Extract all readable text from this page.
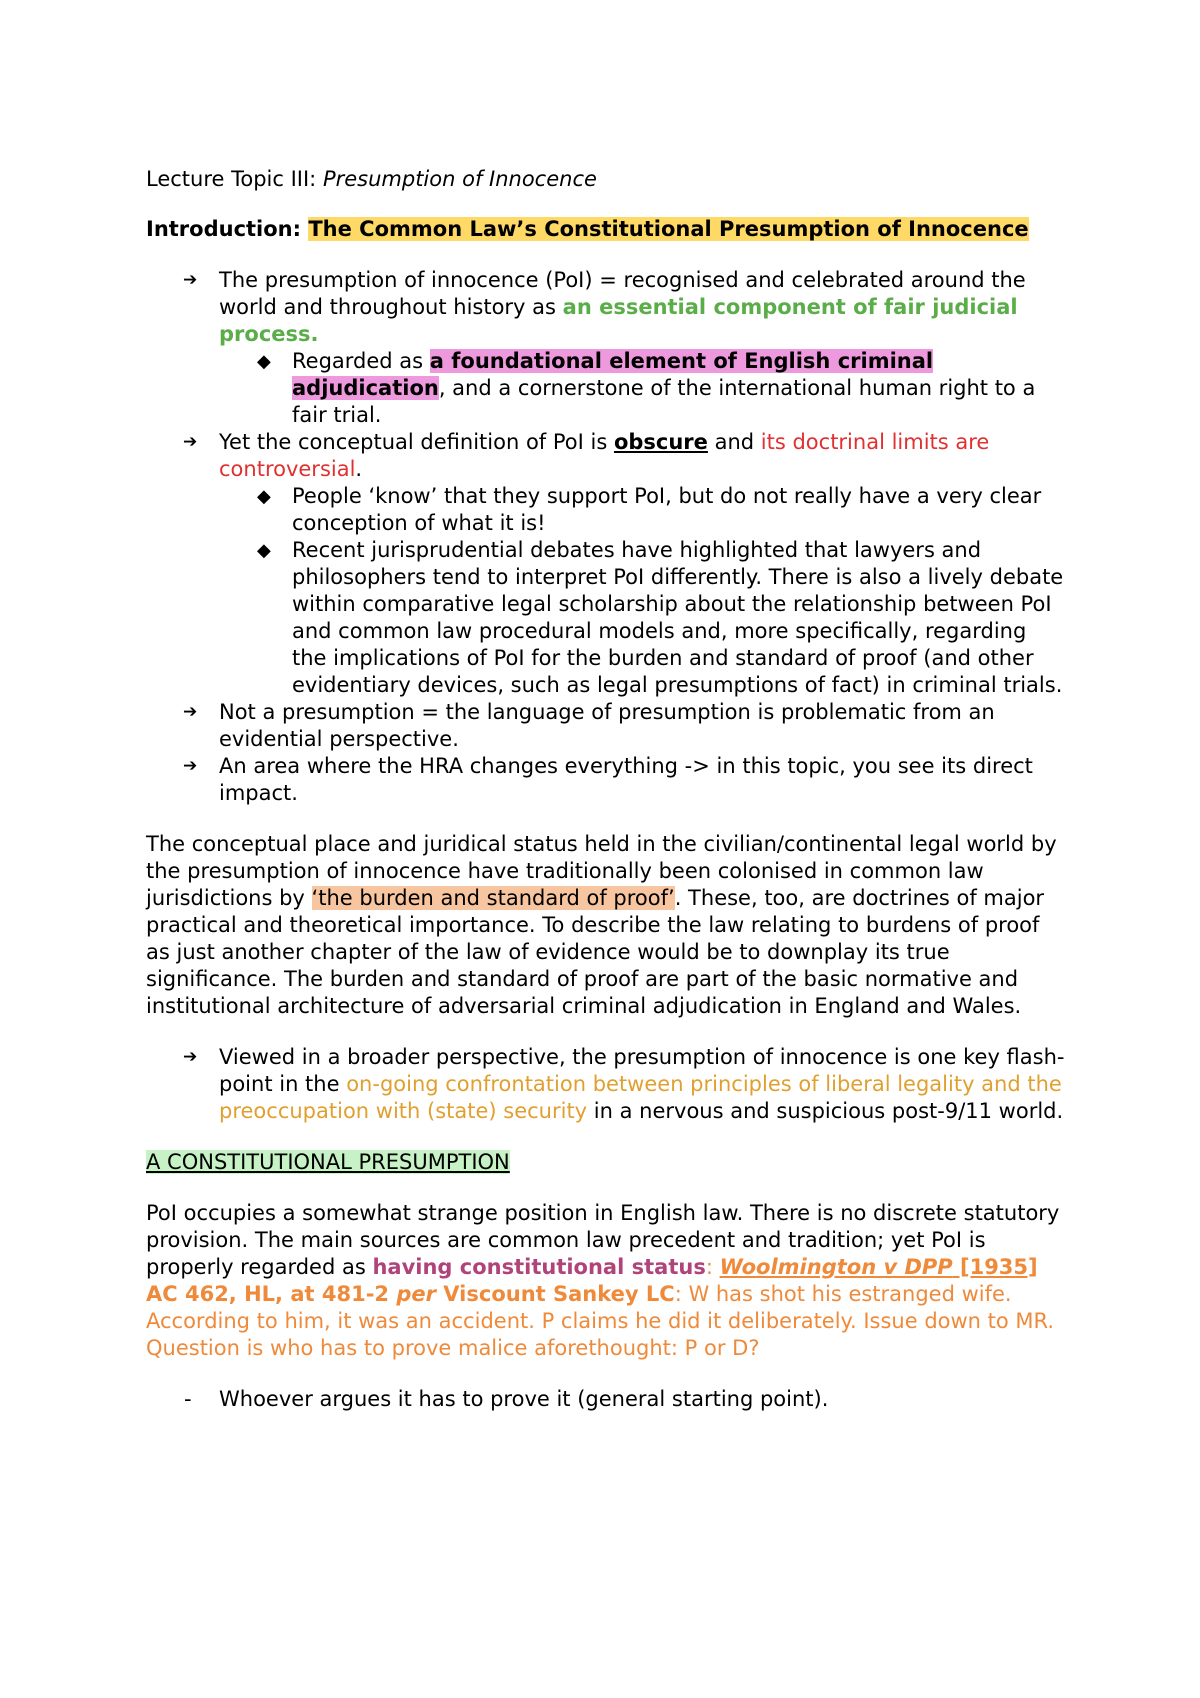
Lecture Topic III: Presumption of Innocence

Introduction: The Common Law’s Constitutional Presumption of Innocence

➔ The presumption of innocence (PoI) = recognised and celebrated around the world and throughout history as an essential component of fair judicial process.
◆ Regarded as a foundational element of English criminal adjudication, and a cornerstone of the international human right to a fair trial.
➔ Yet the conceptual definition of PoI is obscure and its doctrinal limits are controversial.
◆ People ‘know’ that they support PoI, but do not really have a very clear conception of what it is!
◆ Recent jurisprudential debates have highlighted that lawyers and philosophers tend to interpret PoI differently. There is also a lively debate within comparative legal scholarship about the relationship between PoI and common law procedural models and, more specifically, regarding the implications of PoI for the burden and standard of proof (and other evidentiary devices, such as legal presumptions of fact) in criminal trials.
➔ Not a presumption = the language of presumption is problematic from an evidential perspective.
➔ An area where the HRA changes everything -> in this topic, you see its direct impact.

The conceptual place and juridical status held in the civilian/continental legal world by the presumption of innocence have traditionally been colonised in common law jurisdictions by ‘the burden and standard of proof’. These, too, are doctrines of major practical and theoretical importance. To describe the law relating to burdens of proof as just another chapter of the law of evidence would be to downplay its true significance. The burden and standard of proof are part of the basic normative and institutional architecture of adversarial criminal adjudication in England and Wales.

➔ Viewed in a broader perspective, the presumption of innocence is one key flash-point in the on-going confrontation between principles of liberal legality and the preoccupation with (state) security in a nervous and suspicious post-9/11 world.

A CONSTITUTIONAL PRESUMPTION

PoI occupies a somewhat strange position in English law. There is no discrete statutory provision. The main sources are common law precedent and tradition; yet PoI is properly regarded as having constitutional status: Woolmington v DPP [1935] AC 462, HL, at 481-2 per Viscount Sankey LC: W has shot his estranged wife. According to him, it was an accident. P claims he did it deliberately. Issue down to MR. Question is who has to prove malice aforethought: P or D?

- Whoever argues it has to prove it (general starting point).
